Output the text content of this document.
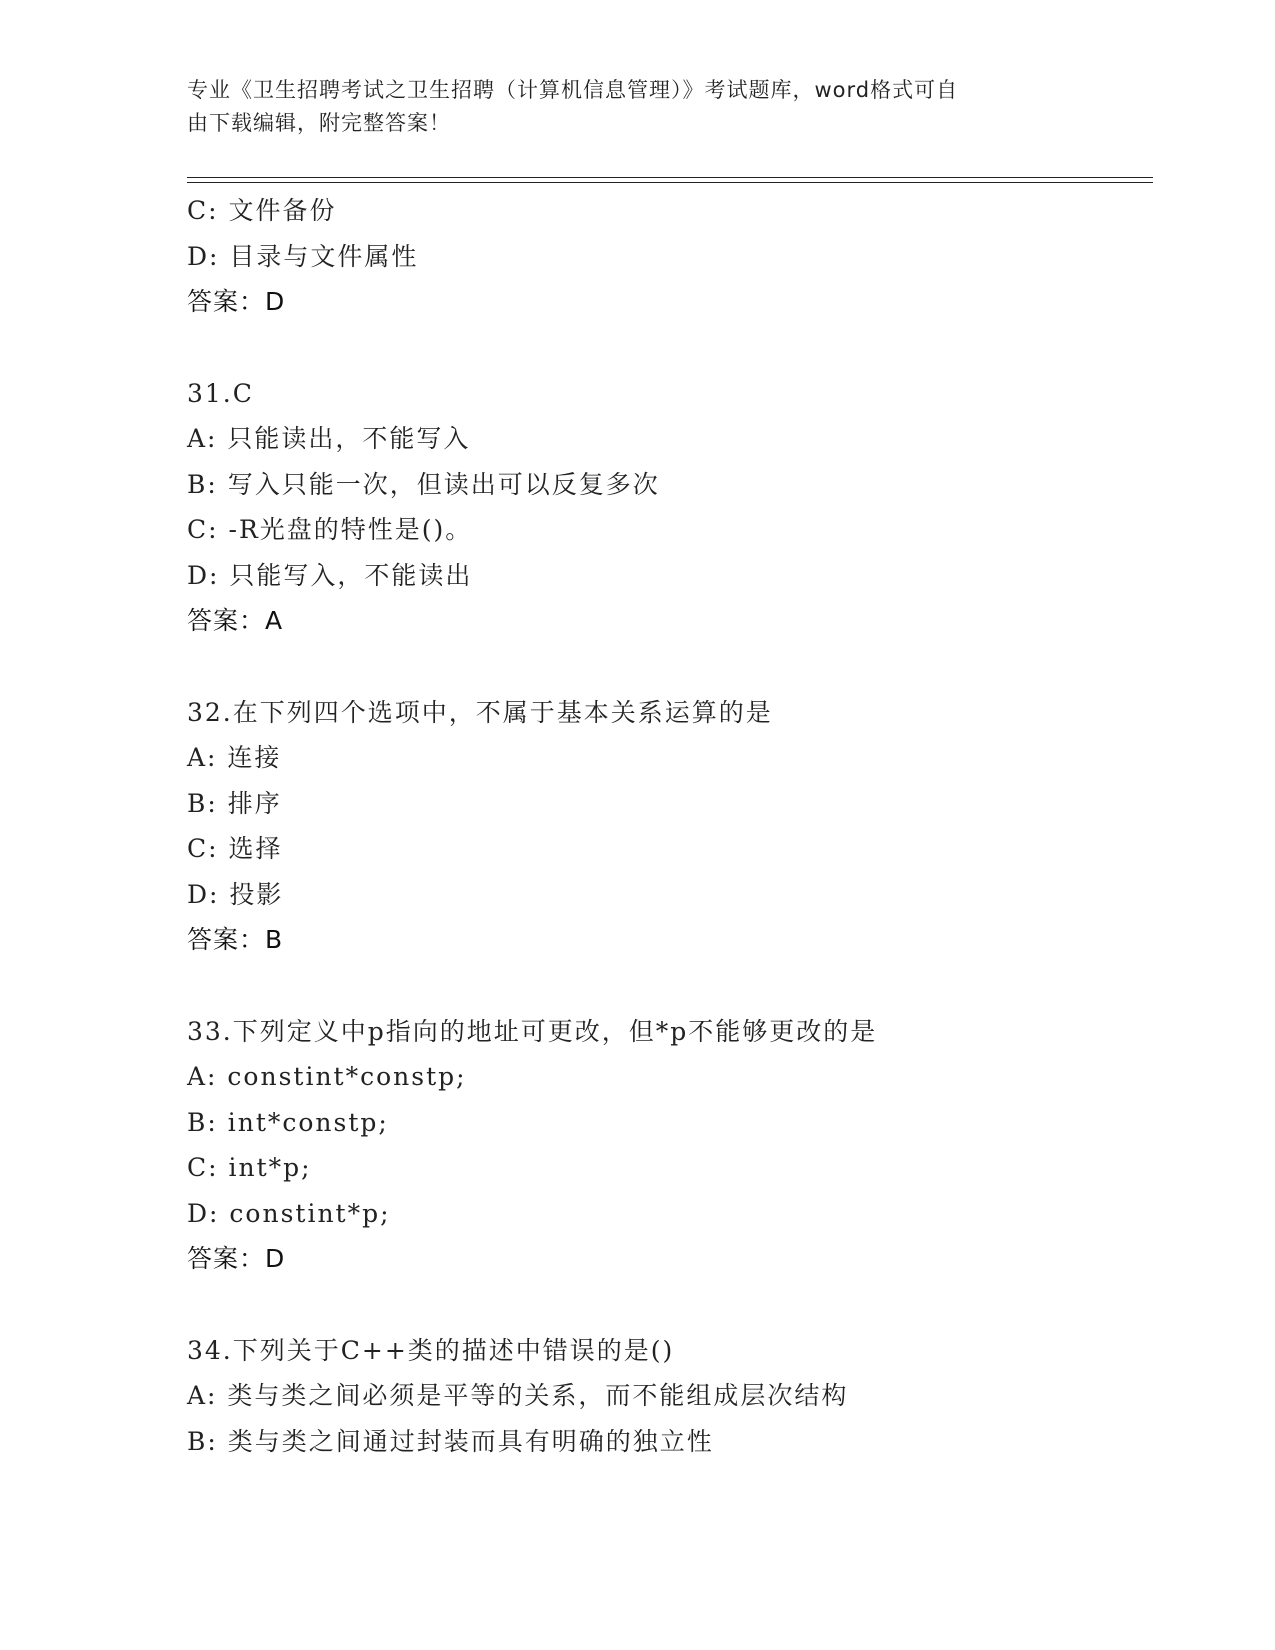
专业《卫生招聘考试之卫生招聘（计算机信息管理）》考试题库，word格式可自
由下载编辑，附完整答案！
C: 文件备份
D: 目录与文件属性
答案：D
31.C
A: 只能读出，不能写入
B: 写入只能一次，但读出可以反复多次
C: -R光盘的特性是()。
D: 只能写入，不能读出
答案：A
32.在下列四个选项中，不属于基本关系运算的是
A: 连接
B: 排序
C: 选择
D: 投影
答案：B
33.下列定义中p指向的地址可更改，但*p不能够更改的是
A: constint*constp;
B: int*constp;
C: int*p;
D: constint*p;
答案：D
34.下列关于C++类的描述中错误的是()
A: 类与类之间必须是平等的关系，而不能组成层次结构
B: 类与类之间通过封装而具有明确的独立性
